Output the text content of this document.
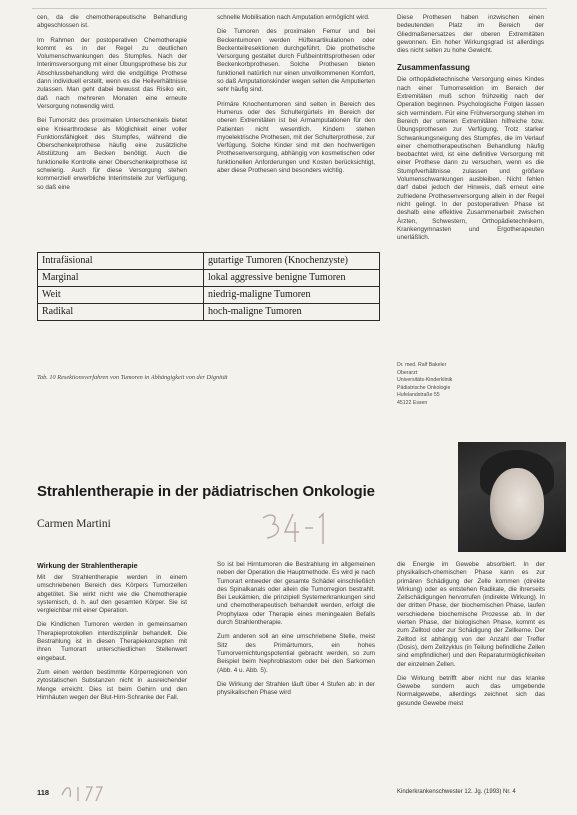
cen, da die chemotherapeutische Behandlung abgeschlossen ist.

Im Rahmen der postoperativen Chemotherapie kommt es in der Regel zu deutlichen Volumenschwankungen des Stumpfes. Nach der Interimsversorgung mit einer Übungsprothese bis zur Abschlussbehandlung wird die endgültige Prothese dann individuell erstellt, wenn es die Heilverhältnisse zulassen. Man geht dabei bewusst das Risiko ein, daß nach mehreren Monaten eine erneute Versorgung notwendig wird.

Bei Tumorsitz des proximalen Unterschenkels bietet eine Kniearthrodese als Möglichkeit einer voller Funktionsfähigkeit des Stumpfes, während die Oberschenkelprothese häufig eine zusätzliche Abstützung am Becken benötigt. Auch die funktionelle Kontrolle einer Oberschenkelprothese ist schwierig. Auch für diese Versorgung stehen kommerziell erwerbliche Interimsteile zur Verfügung, so daß eine

schnelle Mobilisation nach Amputation ermöglicht wird.

Die Tumoren des proximalen Femur und bei Beckentumoren werden Hüftexartikulationen oder Beckenteilresektionen durchgeführt. Die prothetische Versorgung gestaltet durch Fußbeintrittsprothesen oder Beckenkorbprothesen. Solche Prothesen bieten funktionell natürlich nur einen unvollkommenen Komfort, so daß Amputationskinder wegen selten die Amputierten sehr häufig sind.

Primäre Knochentumoren sind selten in Bereich des Humerus oder des Schultergürtels im Bereich der oberen Extremitäten ist bei Armamputationen für den Patienten nicht wesentlich. Kindern stehen myoelektrische Prothesen, mit der Schulterprothese, zur Verfügung. Solche Kinder sind mit den hochwertigen Prothesenversorgung, abhängig von kosmetischen oder funktionellen Anforderungen und Kosten berücksichtigt, aber diese Prothesen sind besonders wichtig.

Diese Prothesen haben inzwischen einen bedeutenden Platz im Bereich der Gliedmaßenersatzes der oberen Extremitäten gewonnen. Ein hoher Wirkungsgrad ist allerdings dies nicht selten zu hohe Gewicht.

Zusammenfassung

Die orthopädietechnische Versorgung eines Kindes nach einer Tumorresektion im Bereich der Extremitäten muß schon frühzeitig nach der Operation beginnen. Psychologische Folgen lassen sich vermindern. Für eine Frühversorgung stehen im Bereich der unteren Extremitäten hilfreiche bzw. Übungsprothesen zur Verfügung. Trotz starker Schwankungsneigung des Stumpfes, die im Verlauf einer chemotherapeutischen Behandlung häufig beobachtet wird, ist eine definitive Versorgung mit einer Prothese dann zu versuchen, wenn es die Stumpfverhältnisse zulassen und größere Volumenschwankungen ausbleiben. Nicht fehlen darf dabei jedoch der Hinweis, daß erneut eine zufriedene Prothesenversorgung allein in der Regel nicht gelingt. In der postoperativen Phase ist deshalb eine effektive Zusammenarbeit zwischen Ärzten, Schwestern, Orthopädietechnikern, Krankengymnasten und Ergotherapeuten unerläßlich.

Dr. med. Ralf Bakeler
Oberarzt
Universitäts-Kinderklinik
Pädiatrische Onkologie
Hufelandstraße 55
45122 Essen
Intrafäsional	gutartige Tumoren (Knochenzyste)
Marginal	lokal aggressive benigne Tumoren
Weit	niedrig-maligne Tumoren
Radikal	hoch-maligne Tumoren
Tab. 10 Resektionsverfahren von Tumoren in Abhängigkeit von der Dignität
Strahlentherapie in der pädiatrischen Onkologie
Carmen Martini
Wirkung der Strahlentherapie

Mit der Strahlentherapie werden in einem umschriebenen Bereich des Körpers Tumorzellen abgetötet. Sie wirkt nicht wie die Chemotherapie systemisch, d. h. auf den gesamten Körper. Sie ist vergleichbar mit einer Operation.

Die Kindlichen Tumoren werden in gemeinsamen Therapieprotokollen interdisziplinär behandelt. Die Bestrahlung ist in diesen Therapiekonzepten mit ihren Tumorart unterschiedlichen Stellenwert eingebaut.

Zum einen werden bestimmte Körperregionen von zytostatischen Substanzen nicht in ausreichender Menge erreicht. Dies ist beim Gehirn und den Hirnhäuten wegen der Blut-Hirn-Schranke der Fall.

So ist bei Hirntumoren die Bestrahlung im allgemeinen neben der Operation die Hauptmethode. Es wird je nach Tumorart entweder der gesamte Schädel einschließlich des Spinalkanals oder allein die Tumorregion bestrahlt. Bei Leukämien, die prinzipiell Systemerkrankungen sind und chemotherapeutisch behandelt werden, erfolgt die Prophylaxe oder Therapie eines meningealen Befalls durch Strahlentherapie.

Zum anderen soll an eine umschriebene Stelle, meist Sitz des Primärtumors, ein hohes Tumorvernichtungspotential gebracht werden, so zum Beispiel beim Nephroblastom oder bei den Sarkomen (Abb. 4 u. Abb. 5).

Die Wirkung der Strahlen läuft über 4 Stufen ab: in der physikalischen Phase wird

die Energie im Gewebe absorbiert. In der physikalisch-chemischen Phase kann es zur primären Schädigung der Zelle kommen (direkte Wirkung) oder es entstehen Radikale, die ihrerseits Zellschädigungen hervorrufen (indirekte Wirkung). In der dritten Phase, der biochemischen Phase, laufen verschiedene biochemische Prozesse ab. In der vierten Phase, der biologischen Phase, kommt es zum Zelltod oder zur Schädigung der Zellkerne. Der Zelltod ist abhängig von der Anzahl der Treffer (Dosis), dem Zellzyklus (in Teilung befindliche Zellen sind empfindlicher) und den Reparaturmöglichkeiten der einzelnen Zellen.

Die Wirkung betrifft aber nicht nur das kranke Gewebe sondern auch das umgebende Normalgewebe, allerdings zeichnet sich das gesunde Gewebe meist

118	Kinderkrankenschwester 12. Jg. (1993) Nr. 4
